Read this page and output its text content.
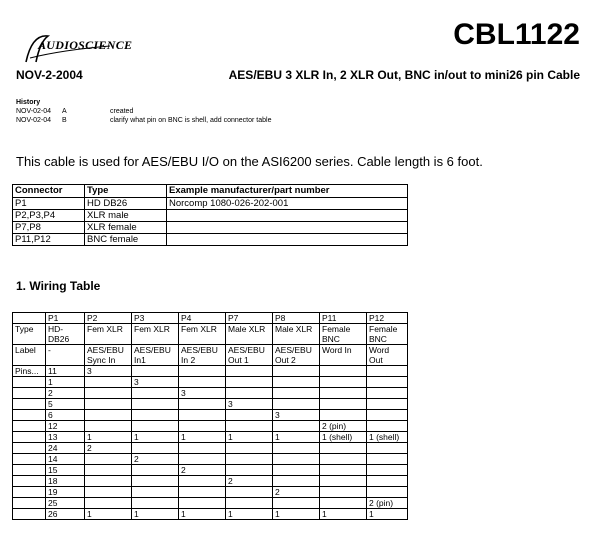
AUDIOSCIENCE	CBL1122
NOV-2-2004	AES/EBU 3 XLR In, 2 XLR Out, BNC in/out to mini26 pin Cable
History
NOV-02-04	A	created
NOV-02-04	B	clarify what pin on BNC is shell, add connector table
This cable is used for AES/EBU I/O on the ASI6200 series. Cable length is 6 foot.
Connector	Type	Example manufacturer/part number
P1	HD DB26	Norcomp 1080-026-202-001
P2,P3,P4	XLR male	
P7,P8	XLR female	
P11,P12	BNC female	
1. Wiring Table
	P1	P2	P3	P4	P7	P8	P11	P12
Type	HD-DB26	Fem XLR	Fem XLR	Fem XLR	Male XLR	Male XLR	Female BNC	Female BNC
Label	-	AES/EBU Sync In	AES/EBU In1	AES/EBU In 2	AES/EBU Out 1	AES/EBU Out 2	Word In	Word Out
Pins...	11	3						
	1		3					
	2			3				
	5				3			
	6					3		
	12						2 (pin)	
	13	1	1	1	1	1	1 (shell)	1 (shell)
	24	2						
	14		2					
	15			2				
	18				2			
	19					2		
	25							2 (pin)
	26	1	1	1	1	1	1	1
